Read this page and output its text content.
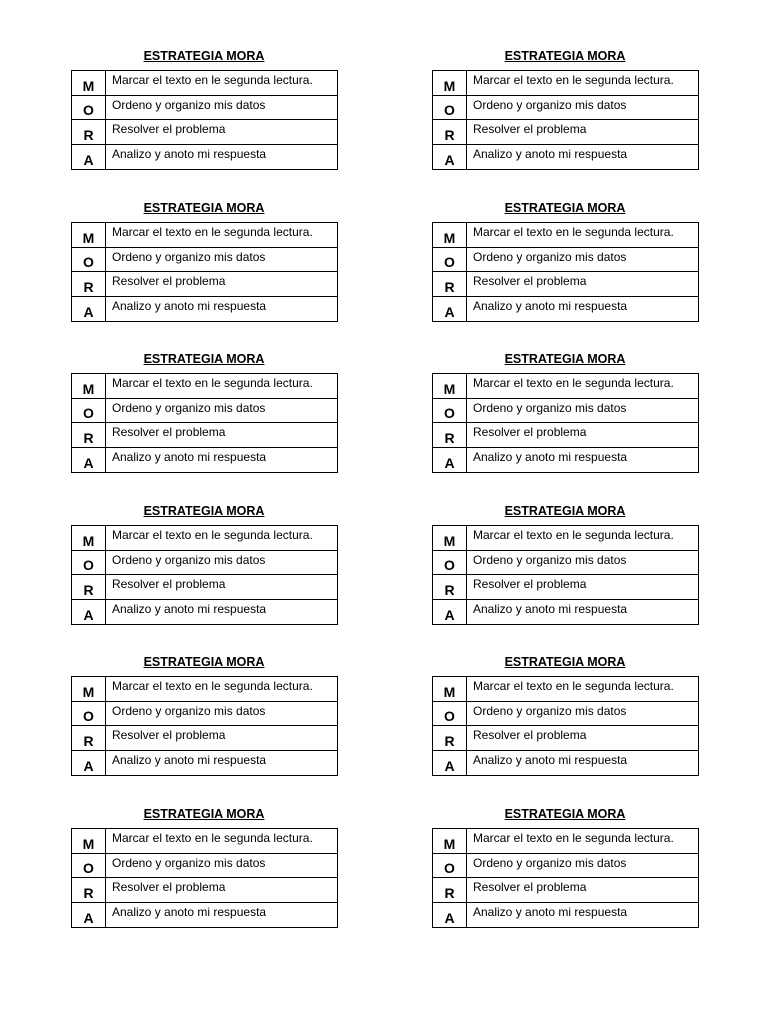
ESTRATEGIA MORA
M	Marcar el texto en le segunda lectura.
O	Ordeno y organizo mis datos
R	Resolver el problema
A	Analizo y anoto mi respuesta
ESTRATEGIA MORA
M	Marcar el texto en le segunda lectura.
O	Ordeno y organizo mis datos
R	Resolver el problema
A	Analizo y anoto mi respuesta
ESTRATEGIA MORA
M	Marcar el texto en le segunda lectura.
O	Ordeno y organizo mis datos
R	Resolver el problema
A	Analizo y anoto mi respuesta
ESTRATEGIA MORA
M	Marcar el texto en le segunda lectura.
O	Ordeno y organizo mis datos
R	Resolver el problema
A	Analizo y anoto mi respuesta
ESTRATEGIA MORA
M	Marcar el texto en le segunda lectura.
O	Ordeno y organizo mis datos
R	Resolver el problema
A	Analizo y anoto mi respuesta
ESTRATEGIA MORA
M	Marcar el texto en le segunda lectura.
O	Ordeno y organizo mis datos
R	Resolver el problema
A	Analizo y anoto mi respuesta
ESTRATEGIA MORA
M	Marcar el texto en le segunda lectura.
O	Ordeno y organizo mis datos
R	Resolver el problema
A	Analizo y anoto mi respuesta
ESTRATEGIA MORA
M	Marcar el texto en le segunda lectura.
O	Ordeno y organizo mis datos
R	Resolver el problema
A	Analizo y anoto mi respuesta
ESTRATEGIA MORA
M	Marcar el texto en le segunda lectura.
O	Ordeno y organizo mis datos
R	Resolver el problema
A	Analizo y anoto mi respuesta
ESTRATEGIA MORA
M	Marcar el texto en le segunda lectura.
O	Ordeno y organizo mis datos
R	Resolver el problema
A	Analizo y anoto mi respuesta
ESTRATEGIA MORA
M	Marcar el texto en le segunda lectura.
O	Ordeno y organizo mis datos
R	Resolver el problema
A	Analizo y anoto mi respuesta
ESTRATEGIA MORA
M	Marcar el texto en le segunda lectura.
O	Ordeno y organizo mis datos
R	Resolver el problema
A	Analizo y anoto mi respuesta
